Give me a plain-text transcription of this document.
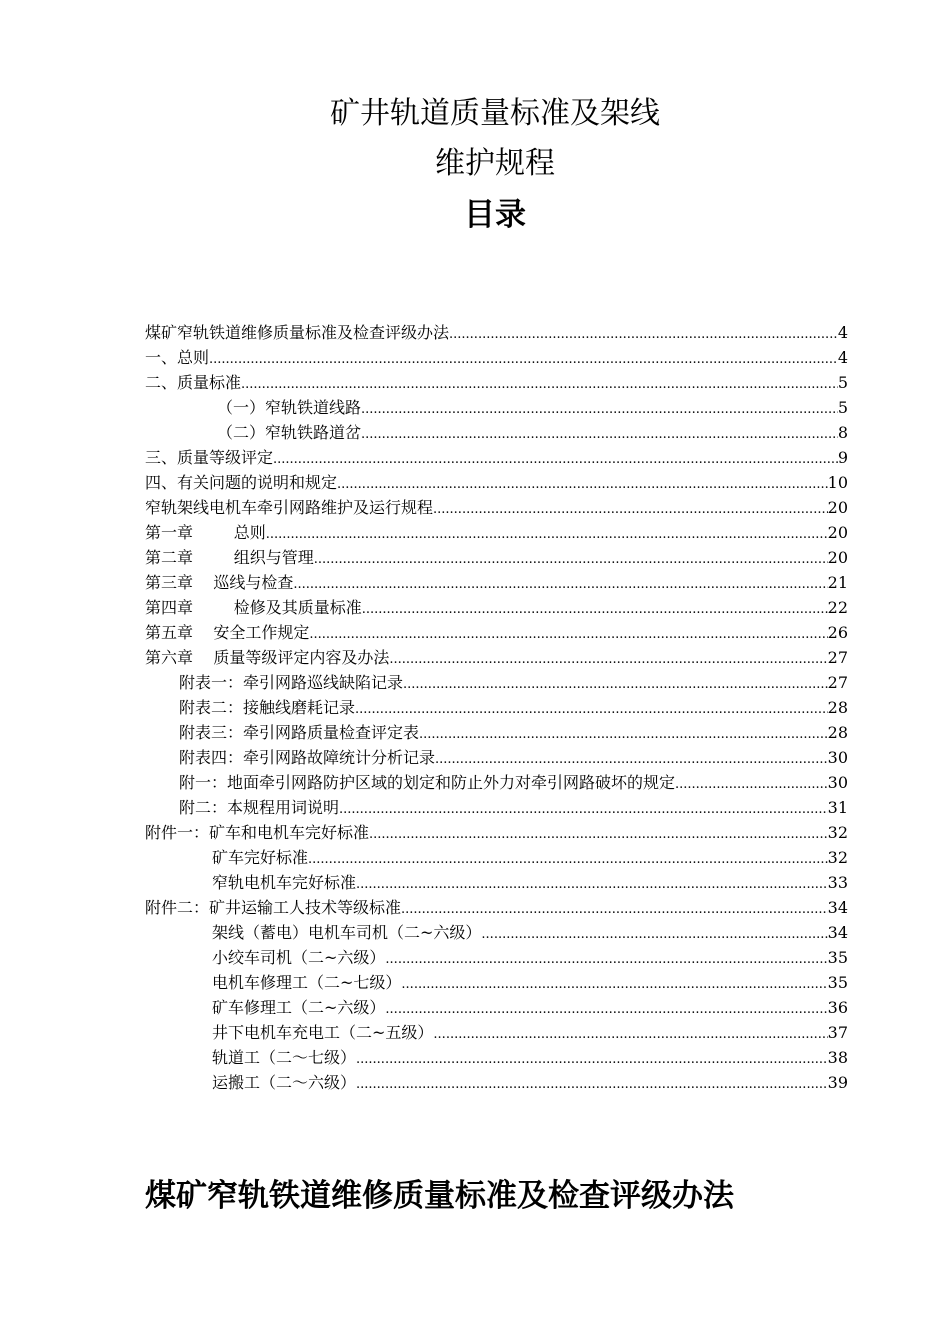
矿井轨道质量标准及架线
维护规程
目录
煤矿窄轨铁道维修质量标准及检查评级办法 .....	4
一、总则 .....	4
二、质量标准 .....	5
（一）窄轨铁道线路 .....	5
（二）窄轨铁路道岔 .....	8
三、质量等级评定 .....	9
四、有关问题的说明和规定 .....	10
窄轨架线电机车牵引网路维护及运行规程 .....	20
第一章        总则 .....	20
第二章        组织与管理 .....	20
第三章    巡线与检查 .....	21
第四章        检修及其质量标准 .....	22
第五章    安全工作规定 .....	26
第六章    质量等级评定内容及办法 .....	27
附表一：牵引网路巡线缺陷记录 .....	27
附表二：接触线磨耗记录 .....	28
附表三：牵引网路质量检查评定表 .....	28
附表四：牵引网路故障统计分析记录 .....	30
附一：地面牵引网路防护区域的划定和防止外力对牵引网路破坏的规定 .....	30
附二：本规程用词说明 .....	31
附件一：矿车和电机车完好标准 .....	32
矿车完好标准 .....	32
窄轨电机车完好标准 .....	33
附件二：矿井运输工人技术等级标准 .....	34
架线（蓄电）电机车司机（二~六级） .....	34
小绞车司机（二~六级） .....	35
电机车修理工（二~七级） .....	35
矿车修理工（二~六级） .....	36
井下电机车充电工（二~五级） .....	37
轨道工（二～七级） .....	38
运搬工（二～六级） .....	39
煤矿窄轨铁道维修质量标准及检查评级办法
